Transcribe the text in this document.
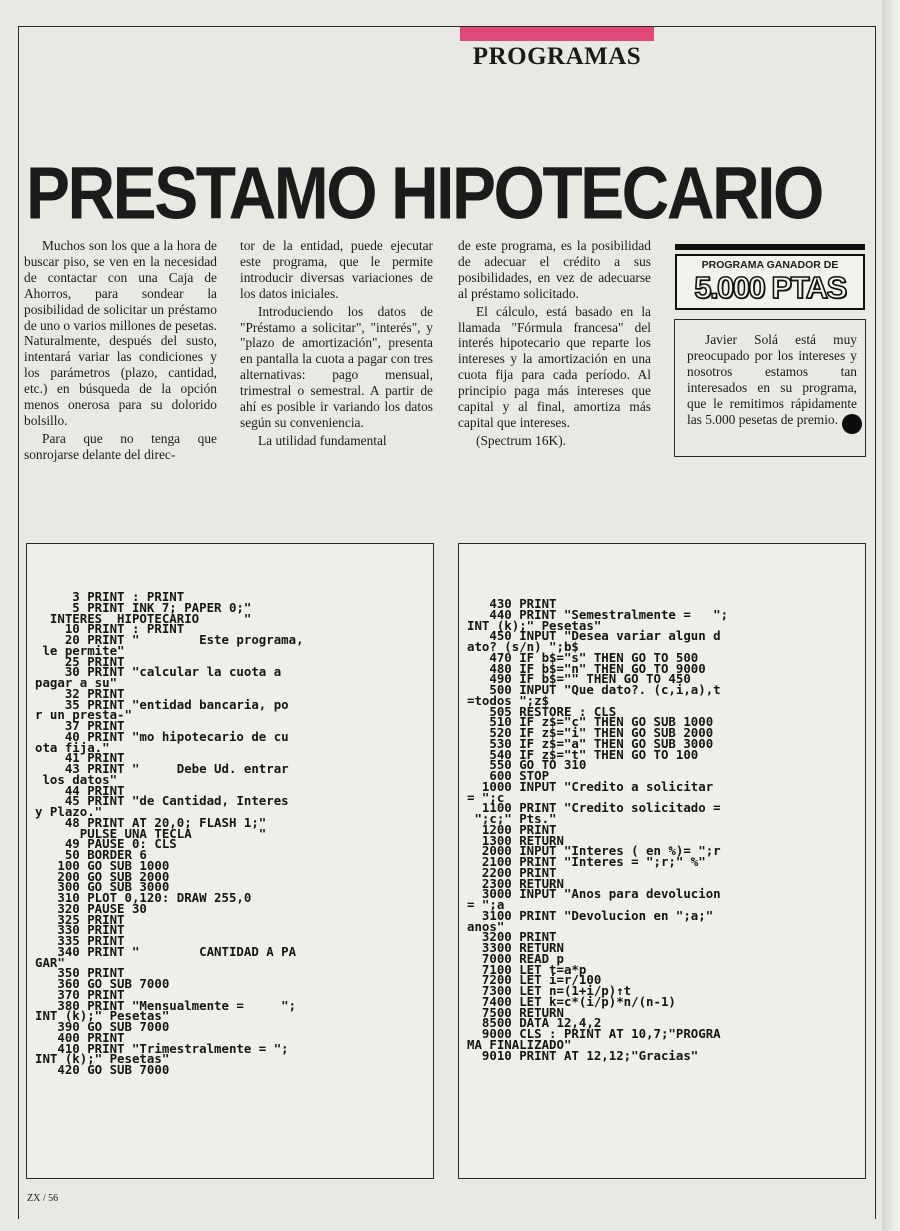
PROGRAMAS
PRESTAMO HIPOTECARIO

Muchos son los que a la hora de buscar piso, se ven en la necesidad de contactar con una Caja de Ahorros, para sondear la posibilidad de solicitar un préstamo de uno o varios millones de pesetas. Naturalmente, después del susto, intentará variar las condiciones y los parámetros (plazo, cantidad, etc.) en búsqueda de la opción menos onerosa para su dolorido bolsillo.

Para que no tenga que sonrojarse delante del direc-

tor de la entidad, puede ejecutar este programa, que le permite introducir diversas variaciones de los datos iniciales.

Introduciendo los datos de "Préstamo a solicitar", "interés", y "plazo de amortización", presenta en pantalla la cuota a pagar con tres alternativas: pago mensual, trimestral o semestral. A partir de ahí es posible ir variando los datos según su conveniencia.

La utilidad fundamental

de este programa, es la posibilidad de adecuar el crédito a sus posibilidades, en vez de adecuarse al préstamo solicitado.

El cálculo, está basado en la llamada "Fórmula francesa" del interés hipotecario que reparte los intereses y la amortización en una cuota fija para cada período. Al principio paga más intereses que capital y al final, amortiza más capital que intereses.

(Spectrum 16K).

PROGRAMA GANADOR DE
5.000 PTAS
Javier Solá está muy preocupado por los intereses y nosotros estamos tan interesados en su programa, que le remitimos rápidamente las 5.000 pesetas de premio.
3 PRINT : PRINT
5 PRINT INK 7; PAPER 0;"
INTERES  HIPOTECARIO      "
10 PRINT : PRINT
20 PRINT "        Este programa,
le permite"
25 PRINT
30 PRINT "calcular la cuota a
pagar a su"
32 PRINT
35 PRINT "entidad bancaria, po
r un presta-"
37 PRINT
40 PRINT "mo hipotecario de cu
ota fija."
41 PRINT
43 PRINT "     Debe Ud. entrar
los datos"
44 PRINT
45 PRINT "de Cantidad, Interes
y Plazo."
48 PRINT AT 20,0; FLASH 1;"
PULSE UNA TECLA         "
49 PAUSE 0: CLS
50 BORDER 6
100 GO SUB 1000
200 GO SUB 2000
300 GO SUB 3000
310 PLOT 0,120: DRAW 255,0
320 PAUSE 30
325 PRINT
330 PRINT
335 PRINT
340 PRINT "        CANTIDAD A PA
GAR"
350 PRINT
360 GO SUB 7000
370 PRINT
380 PRINT "Mensualmente =     ";
INT (k);" Pesetas"
390 GO SUB 7000
400 PRINT
410 PRINT "Trimestralmente = ";
INT (k);" Pesetas"
420 GO SUB 7000
430 PRINT
440 PRINT "Semestralmente =   ";
INT (k);" Pesetas"
450 INPUT "Desea variar algun d
ato? (s/n) ";b$
470 IF b$="s" THEN GO TO 500
480 IF b$="n" THEN GO TO 9000
490 IF b$="" THEN GO TO 450
500 INPUT "Que dato?. (c,i,a),t
=todos ";z$
505 RESTORE : CLS
510 IF z$="c" THEN GO SUB 1000
520 IF z$="i" THEN GO SUB 2000
530 IF z$="a" THEN GO SUB 3000
540 IF z$="t" THEN GO TO 100
550 GO TO 310
600 STOP
1000 INPUT "Credito a solicitar
= ";c
1100 PRINT "Credito solicitado =
";c;" Pts."
1200 PRINT
1300 RETURN
2000 INPUT "Interes ( en %)= ";r
2100 PRINT "Interes = ";r;" %"
2200 PRINT
2300 RETURN
3000 INPUT "Anos para devolucion
= ";a
3100 PRINT "Devolucion en ";a;"
anos"
3200 PRINT
3300 RETURN
7000 READ p
7100 LET t=a*p
7200 LET i=r/100
7300 LET n=(1+i/p)↑t
7400 LET k=c*(i/p)*n/(n-1)
7500 RETURN
8500 DATA 12,4,2
9000 CLS : PRINT AT 10,7;"PROGRA
MA FINALIZADO"
9010 PRINT AT 12,12;"Gracias"
ZX / 56
